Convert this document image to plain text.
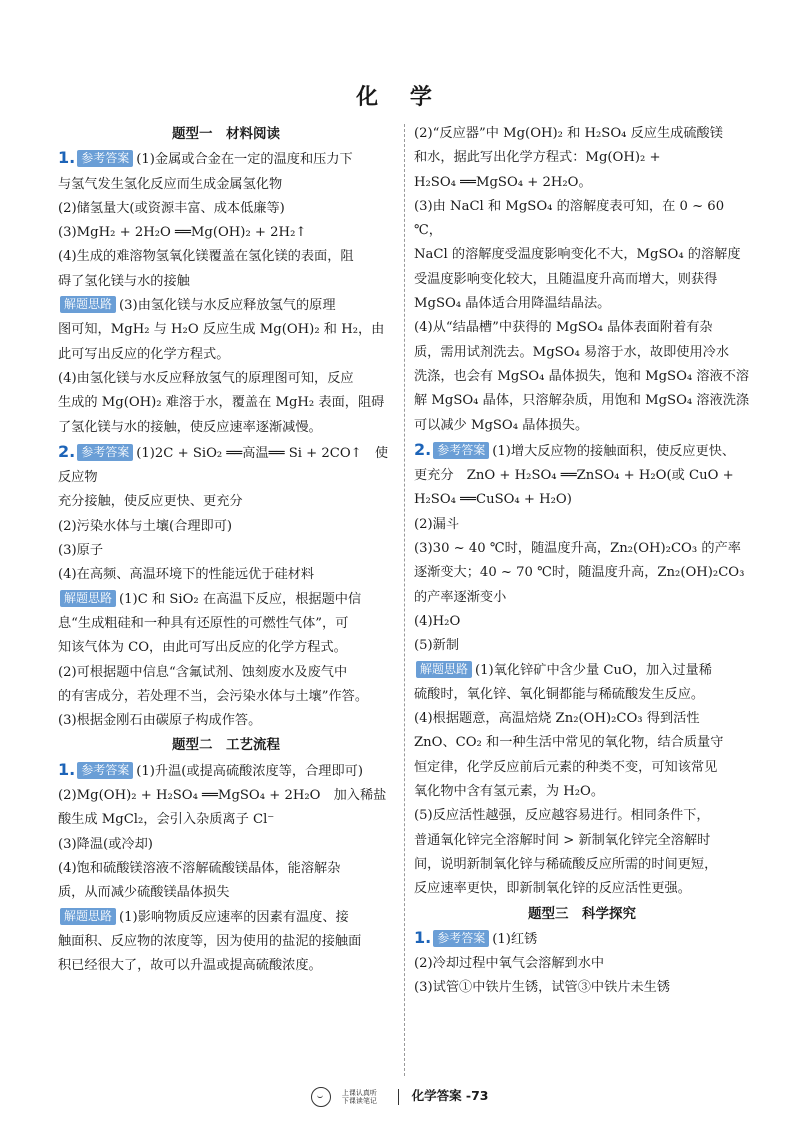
化 学
题型一　材料阅读
1. 参考答案 (1)金属或合金在一定的温度和压力下
与氢气发生氢化反应而生成金属氢化物
(2)储氢量大(或资源丰富、成本低廉等)
(3)MgH₂ + 2H₂O ══Mg(OH)₂ + 2H₂↑
(4)生成的难溶物氢氧化镁覆盖在氢化镁的表面，阻
碍了氢化镁与水的接触
解题思路 (3)由氢化镁与水反应释放氢气的原理
图可知，MgH₂ 与 H₂O 反应生成 Mg(OH)₂ 和 H₂，由
此可写出反应的化学方程式。
(4)由氢化镁与水反应释放氢气的原理图可知，反应
生成的 Mg(OH)₂ 难溶于水，覆盖在 MgH₂ 表面，阻碍
了氢化镁与水的接触，使反应速率逐渐减慢。
2. 参考答案 (1)2C + SiO₂ ══高温══ Si + 2CO↑　使反应物
充分接触，使反应更快、更充分
(2)污染水体与土壤(合理即可)
(3)原子
(4)在高频、高温环境下的性能远优于硅材料
解题思路 (1)C 和 SiO₂ 在高温下反应，根据题中信
息“生成粗硅和一种具有还原性的可燃性气体”，可
知该气体为 CO，由此可写出反应的化学方程式。
(2)可根据题中信息“含氟试剂、蚀刻废水及废气中
的有害成分，若处理不当，会污染水体与土壤”作答。
(3)根据金刚石由碳原子构成作答。
题型二　工艺流程
1. 参考答案 (1)升温(或提高硫酸浓度等，合理即可)
(2)Mg(OH)₂ + H₂SO₄ ══MgSO₄ + 2H₂O　加入稀盐
酸生成 MgCl₂，会引入杂质离子 Cl⁻
(3)降温(或冷却)
(4)饱和硫酸镁溶液不溶解硫酸镁晶体，能溶解杂
质，从而减少硫酸镁晶体损失
解题思路 (1)影响物质反应速率的因素有温度、接
触面积、反应物的浓度等，因为使用的盐泥的接触面
积已经很大了，故可以升温或提高硫酸浓度。
(2)“反应器”中 Mg(OH)₂ 和 H₂SO₄ 反应生成硫酸镁
和水，据此写出化学方程式：Mg(OH)₂ +
H₂SO₄ ══MgSO₄ + 2H₂O。
(3)由 NaCl 和 MgSO₄ 的溶解度表可知，在 0 ~ 60 ℃，
NaCl 的溶解度受温度影响变化不大，MgSO₄ 的溶解度
受温度影响变化较大，且随温度升高而增大，则获得
MgSO₄ 晶体适合用降温结晶法。
(4)从“结晶槽”中获得的 MgSO₄ 晶体表面附着有杂
质，需用试剂洗去。MgSO₄ 易溶于水，故即使用冷水
洗涤，也会有 MgSO₄ 晶体损失，饱和 MgSO₄ 溶液不溶
解 MgSO₄ 晶体，只溶解杂质，用饱和 MgSO₄ 溶液洗涤
可以减少 MgSO₄ 晶体损失。
2. 参考答案 (1)增大反应物的接触面积，使反应更快、
更充分　ZnO + H₂SO₄ ══ZnSO₄ + H₂O(或 CuO +
H₂SO₄ ══CuSO₄ + H₂O)
(2)漏斗
(3)30 ~ 40 ℃时，随温度升高，Zn₂(OH)₂CO₃ 的产率
逐渐变大；40 ~ 70 ℃时，随温度升高，Zn₂(OH)₂CO₃
的产率逐渐变小
(4)H₂O
(5)新制
解题思路 (1)氧化锌矿中含少量 CuO，加入过量稀
硫酸时，氧化锌、氧化铜都能与稀硫酸发生反应。
(4)根据题意，高温焙烧 Zn₂(OH)₂CO₃ 得到活性
ZnO、CO₂ 和一种生活中常见的氧化物，结合质量守
恒定律，化学反应前后元素的种类不变，可知该常见
氧化物中含有氢元素，为 H₂O。
(5)反应活性越强，反应越容易进行。相同条件下，
普通氧化锌完全溶解时间 > 新制氧化锌完全溶解时
间，说明新制氧化锌与稀硫酸反应所需的时间更短，
反应速率更快，即新制氧化锌的反应活性更强。
题型三　科学探究
1. 参考答案 (1)红锈
(2)冷却过程中氧气会溶解到水中
(3)试管①中铁片生锈，试管③中铁片未生锈
上课认真听
下课读笔记	化学答案 -73
